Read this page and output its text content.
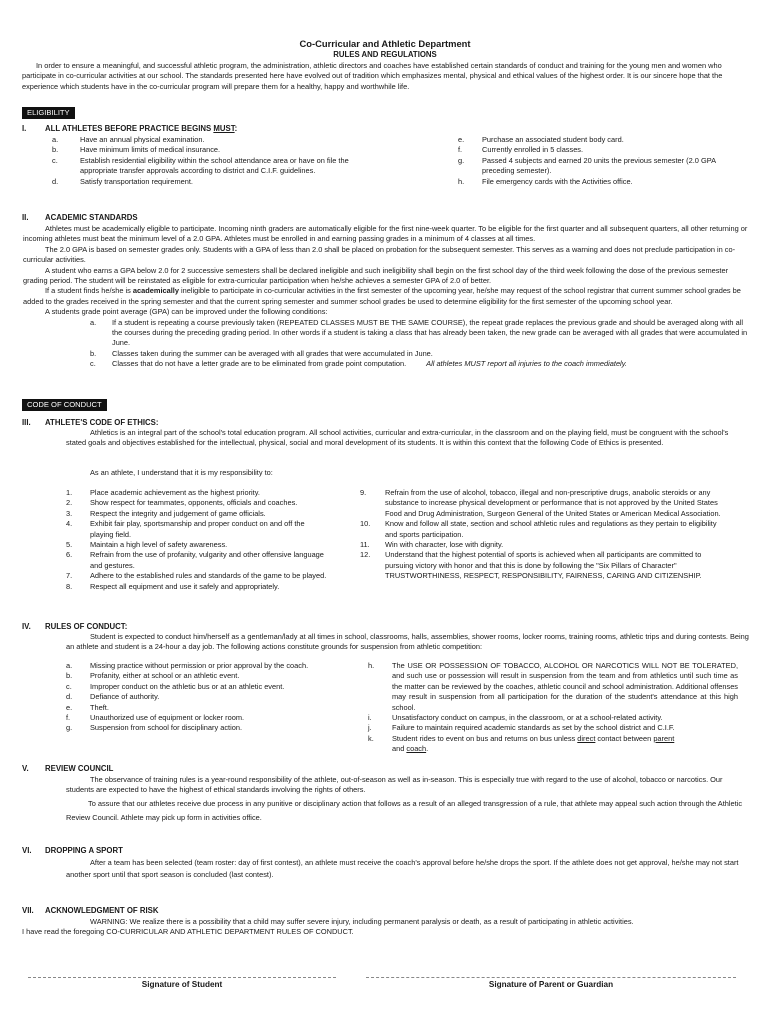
Co-Curricular and Athletic Department
RULES AND REGULATIONS
In order to ensure a meaningful, and successful athletic program, the administration, athletic directors and coaches have established certain standards of conduct and training for the young men and women who participate in co-curricular activities at our school. The standards presented here have evolved out of tradition which emphasizes mental, physical and ethical values of the highest order. It is our sincere hope that the experience which students have in the co-curricular program will prepare them for a healthy, happy and worthwhile life.
ELIGIBILITY
I. ALL ATHLETES BEFORE PRACTICE BEGINS MUST:
a.	Have an annual physical examination.
b.	Have minimum limits of medical insurance.
c.	Establish residential eligibility within the school attendance area or have on file the appropriate transfer approvals according to district and C.I.F. guidelines.
d.	Satisfy transportation requirement.
e.	Purchase an associated student body card.
f.	Currently enrolled in 5 classes.
g.	Passed 4 subjects and earned 20 units the previous semester (2.0 GPA preceding semester).
h.	File emergency cards with the Activities office.
II. ACADEMIC STANDARDS
Athletes must be academically eligible to participate. Incoming ninth graders are automatically eligible for the first nine-week quarter. To be eligible for the first quarter and all subsequent quarters, all other returning or incoming athletes must beat the minimum level of a 2.0 GPA. Athletes must be enrolled in and earning passing grades in a minimum of 4 classes at all times.
The 2.0 GPA is based on semester grades only. Students with a GPA of less than 2.0 shall be placed on probation for the subsequent semester. This serves as a warning and does not preclude participation in co-curricular activities.
A student who earns a GPA below 2.0 for 2 successive semesters shall be declared ineligible and such ineligibility shall begin on the first school day of the third week following the dose of the previous semester grading period. The student will be reinstated as eligible for extra-curricular participation when he/she achieves a semester GPA of 2.0 of better.
If a student finds he/she is academically ineligible to participate in co-curricular activities in the first semester of the upcoming year, he/she may request of the school registrar that current summer school grades be added to the grades received in the spring semester and that the current spring semester and summer school grades be used to determine eligibility for the first semester of the upcoming school year.
A students grade point average (GPA) can be improved under the following conditions:
a.	If a student is repeating a course previously taken (REPEATED CLASSES MUST BE THE SAME COURSE), the repeat grade replaces the previous grade and should be averaged along with all the courses during the preceding grading period. In other words if a student is taking a class that has already been taken, the new grade can be averaged with all grades that were accumulated in June.
b.	Classes taken during the summer can be averaged with all grades that were accumulated in June.
c.	Classes that do not have a letter grade are to be eliminated from grade point computation.	All athletes MUST report all injuries to the coach immediately.
CODE OF CONDUCT
III. ATHLETE'S CODE OF ETHICS:
Athletics is an integral part of the school's total education program. All school activities, curricular and extra-curricular, in the classroom and on the playing field, must be congruent with the school's stated goals and objectives established for the intellectual, physical, social and moral development of its students. It is within this context that the following Code of Ethics is presented.
As an athlete, I understand that it is my responsibility to:
1.	Place academic achievement as the highest priority.
2.	Show respect for teammates, opponents, officials and coaches.
3.	Respect the integrity and judgement of game officials.
4.	Exhibit fair play, sportsmanship and proper conduct on and off the playing field.
5.	Maintain a high level of safety awareness.
6.	Refrain from the use of profanity, vulgarity and other offensive language and gestures.
7.	Adhere to the established rules and standards of the game to be played.
8.	Respect all equipment and use it safely and appropriately.
9.	Refrain from the use of alcohol, tobacco, illegal and non-prescriptive drugs, anabolic steroids or any substance to increase physical development or performance that is not approved by the United States Food and Drug Administration, Surgeon General of the United States or American Medical Association.
10.	Know and follow all state, section and school athletic rules and regulations as they pertain to eligibility and sports participation.
11.	Win with character, lose with dignity.
12.	Understand that the highest potential of sports is achieved when all participants are committed to pursuing victory with honor and that this is done by following the "Six Pillars of Character" TRUSTWORTHINESS, RESPECT, RESPONSIBILITY, FAIRNESS, CARING AND CITIZENSHIP.
IV. RULES OF CONDUCT:
Student is expected to conduct him/herself as a gentleman/lady at all times in school, classrooms, halls, assemblies, shower rooms, locker rooms, training rooms, athletic trips and during contests. Being an athlete and student is a 24-hour a day job. The following actions constitute grounds for suspension from athletic competition:
a.	Missing practice without permission or prior approval by the coach.
b.	Profanity, either at school or an athletic event.
c.	Improper conduct on the athletic bus or at an athletic event.
d.	Defiance of authority.
e.	Theft.
f.	Unauthorized use of equipment or locker room.
g.	Suspension from school for disciplinary action.
h.	The USE OR POSSESSION OF TOBACCO, ALCOHOL OR NARCOTICS WILL NOT BE TOLERATED, and such use or possession will result in suspension from the team and from athletics until such time as the matter can be reviewed by the coaches, athletic council and school administration. Additional offenses may result in suspension from all participation for the duration of the student's attendance at this high school.
i.	Unsatisfactory conduct on campus, in the classroom, or at a school-related activity.
j.	Failure to maintain required academic standards as set by the school district and C.I.F.
k.	Student rides to event on bus and returns on bus unless direct contact between parent
and coach.
V. REVIEW COUNCIL
The observance of training rules is a year-round responsibility of the athlete, out-of-season as well as in-season. This is especially true with regard to the use of alcohol, tobacco or narcotics. Our students are expected to have the highest of ethical standards involving the rights of others.
To assure that our athletes receive due process in any punitive or disciplinary action that follows as a result of an alleged transgression of a rule, that athlete may appeal such action through the Athletic Review Council. Athlete may pick up form in activities office.
VI. DROPPING A SPORT
After a team has been selected (team roster: day of first contest), an athlete must receive the coach's approval before he/she drops the sport. If the athlete does not get approval, he/she may not start another sport until that sport season is concluded (last contest).
VII. ACKNOWLEDGMENT OF RISK
WARNING: We realize there is a possibility that a child may suffer severe injury, including permanent paralysis or death, as a result of participating in athletic activities.
I have read the foregoing CO-CURRICULAR AND ATHLETIC DEPARTMENT RULES OF CONDUCT.
Signature of Student	Signature of Parent or Guardian
